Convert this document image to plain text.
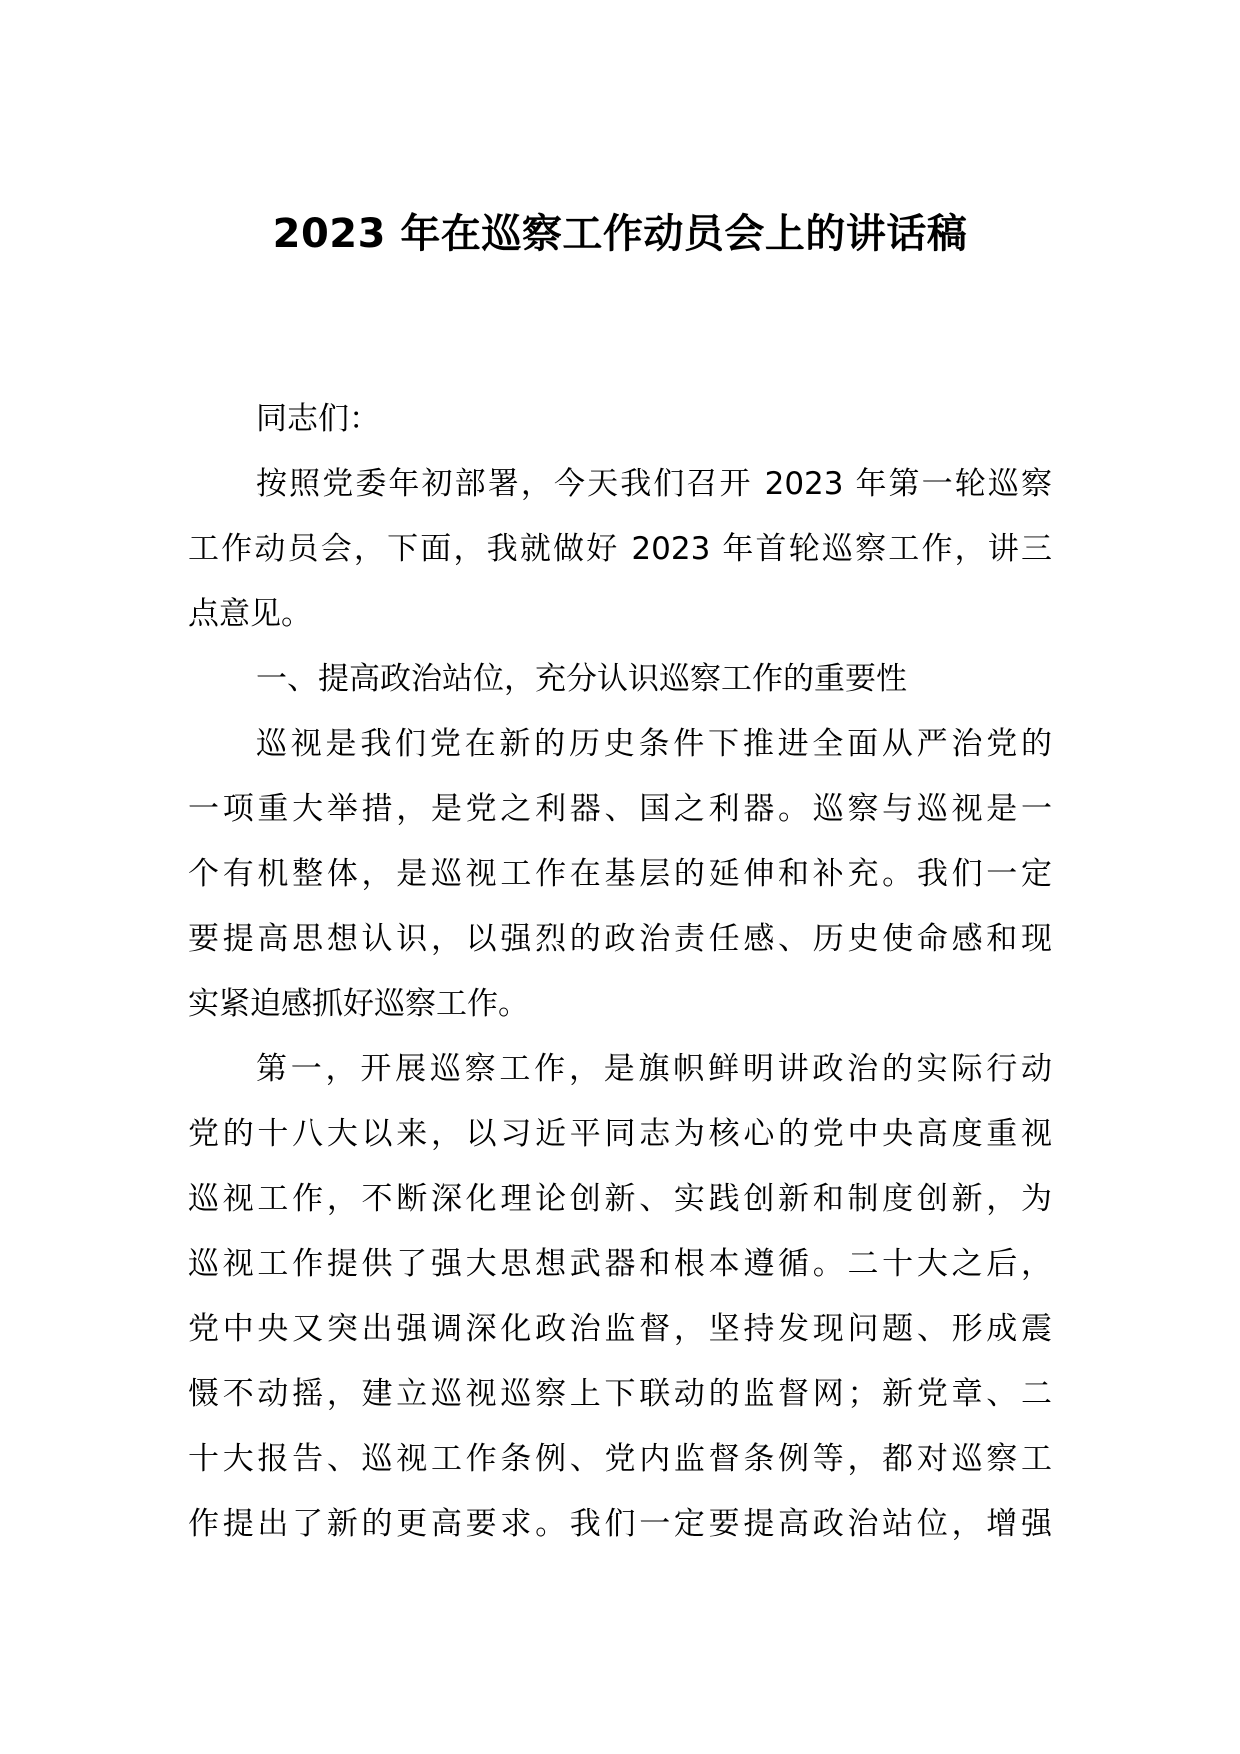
2023 年在巡察工作动员会上的讲话稿
同志们：
按照党委年初部署，今天我们召开 2023 年第一轮巡察
工作动员会，下面，我就做好 2023 年首轮巡察工作，讲三
点意见。
一、提高政治站位，充分认识巡察工作的重要性
巡视是我们党在新的历史条件下推进全面从严治党的
一项重大举措，是党之利器、国之利器。巡察与巡视是一
个有机整体，是巡视工作在基层的延伸和补充。我们一定
要提高思想认识，以强烈的政治责任感、历史使命感和现
实紧迫感抓好巡察工作。
第一，开展巡察工作，是旗帜鲜明讲政治的实际行动
党的十八大以来，以习近平同志为核心的党中央高度重视
巡视工作，不断深化理论创新、实践创新和制度创新，为
巡视工作提供了强大思想武器和根本遵循。二十大之后，
党中央又突出强调深化政治监督，坚持发现问题、形成震
慑不动摇，建立巡视巡察上下联动的监督网；新党章、二
十大报告、巡视工作条例、党内监督条例等，都对巡察工
作提出了新的更高要求。我们一定要提高政治站位，增强
